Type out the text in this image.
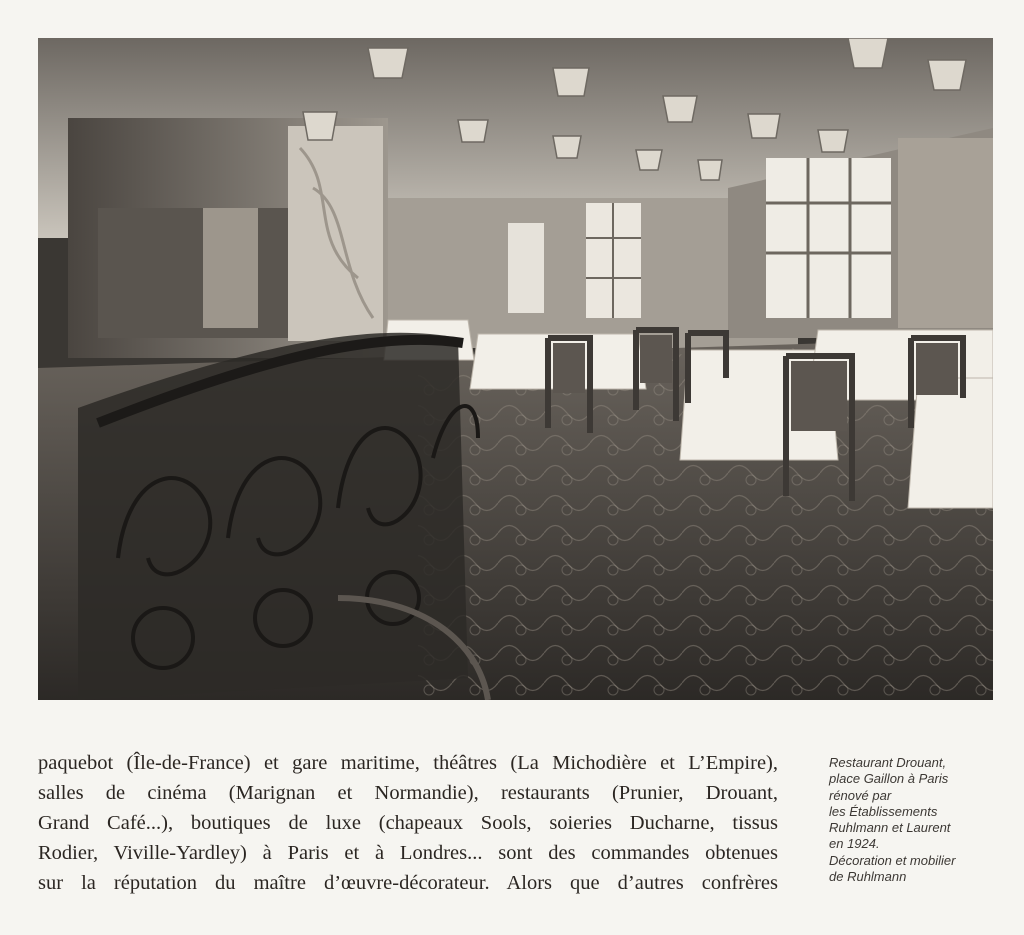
paquebot (Île-de-France) et gare maritime, théâtres (La Michodière et L’Empire),
salles de cinéma (Marignan et Normandie), restaurants (Prunier, Drouant,
Grand Café...), boutiques de luxe (chapeaux Sools, soieries Ducharne, tissus
Rodier, Viville-Yardley) à Paris et à Londres... sont des commandes obtenues
sur la réputation du maître d’œuvre-décorateur. Alors que d’autres confrères
Restaurant Drouant,
place Gaillon à Paris
rénové par
les Établissements
Ruhlmann et Laurent
en 1924.
Décoration et mobilier
de Ruhlmann
